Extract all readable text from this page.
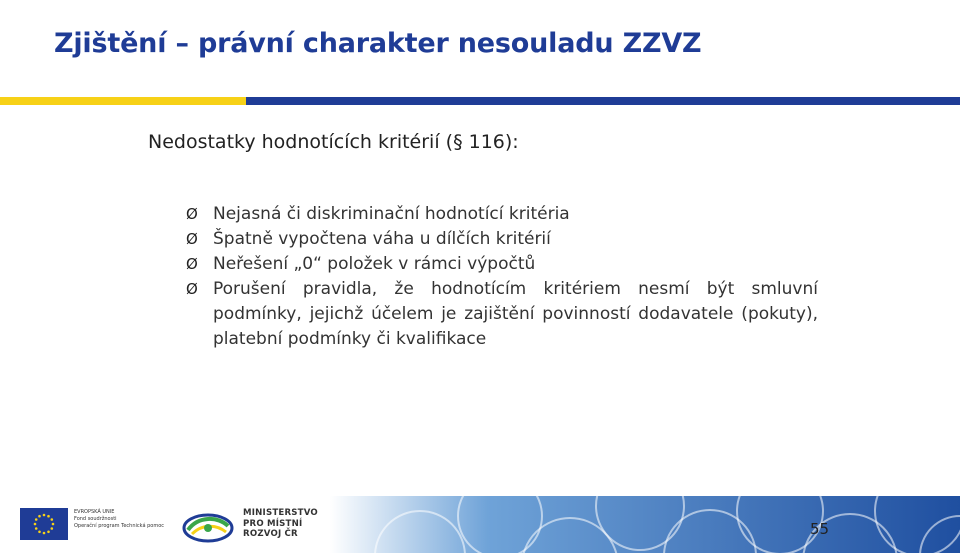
Zjištění – právní charakter nesouladu ZZVZ
Nedostatky hodnotících kritérií (§ 116):
Ø Nejasná či diskriminační hodnotící kritéria
Ø Špatně vypočtena váha u dílčích kritérií
Ø Neřešení „0“ položek v rámci výpočtů
Ø Porušení pravidla, že hodnotícím kritériem nesmí být smluvní podmínky, jejichž účelem je zajištění povinností dodavatele (pokuty), platební podmínky či kvalifikace
EVROPSKÁ UNIE
Fond soudržnosti
Operační program Technická pomoc
MINISTERSTVO
PRO MÍSTNÍ
ROZVOJ ČR	55
